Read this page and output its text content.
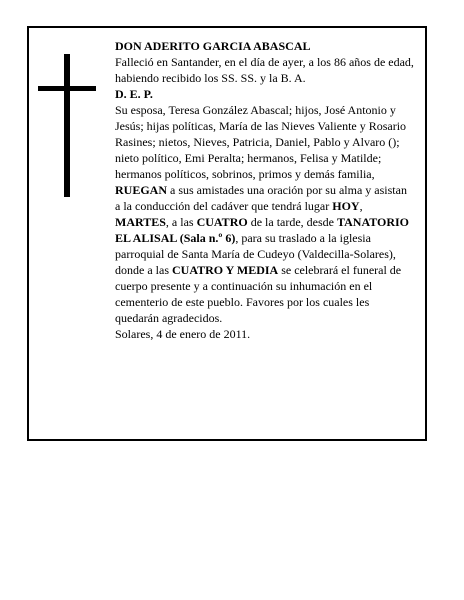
DON ADERITO GARCIA ABASCAL

Falleció en Santander, en el día de ayer, a los 86 años de edad, habiendo recibido los SS. SS. y la B. A.

D. E. P.

Su esposa, Teresa González Abascal; hijos, José Antonio y Jesús; hijas políticas, María de las Nieves Valiente y Rosario Rasines; nietos, Nieves, Patricia, Daniel, Pablo y Alvaro (); nieto político, Emi Peralta; hermanos, Felisa y Matilde; hermanos políticos, sobrinos, primos y demás familia,

RUEGAN a sus amistades una oración por su alma y asistan a la conducción del cadáver que tendrá lugar HOY, MARTES, a las CUATRO de la tarde, desde TANATORIO EL ALISAL (Sala n.º 6), para su traslado a la iglesia parroquial de Santa María de Cudeyo (Valdecilla-Solares), donde a las CUATRO Y MEDIA se celebrará el funeral de cuerpo presente y a continuación su inhumación en el cementerio de este pueblo. Favores por los cuales les quedarán agradecidos.

Solares, 4 de enero de 2011.
